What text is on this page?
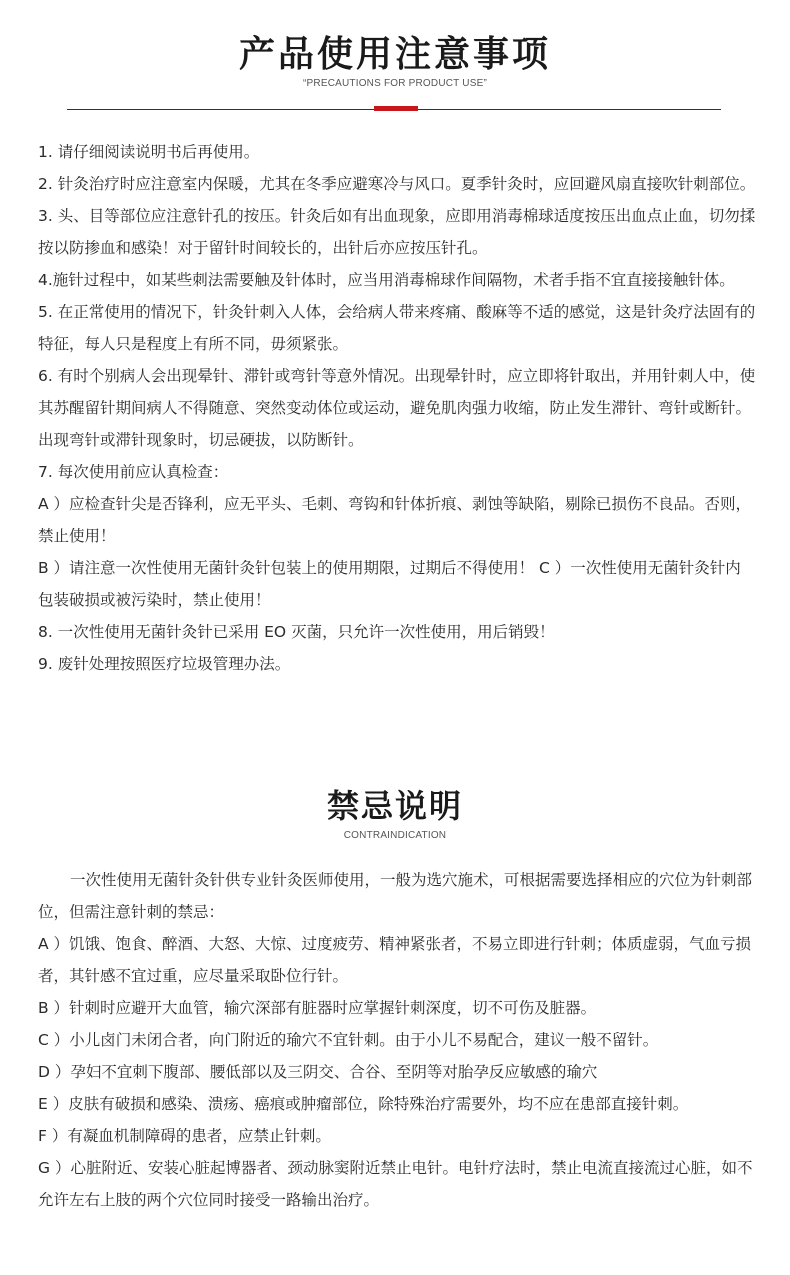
产品使用注意事项
“PRECAUTIONS FOR PRODUCT USE”
1. 请仔细阅读说明书后再使用。
2. 针灸治疗时应注意室内保暖，尤其在冬季应避寒冷与风口。夏季针灸时，应回避风扇直接吹针刺部位。
3. 头、目等部位应注意针孔的按压。针灸后如有出血现象，应即用消毒棉球适度按压出血点止血，切勿揉按以防掺血和感染！对于留针时间较长的，出针后亦应按压针孔。
4.施针过程中，如某些刺法需要触及针体时，应当用消毒棉球作间隔物，术者手指不宜直接接触针体。
5. 在正常使用的情况下，针灸针刺入人体，会给病人带来疼痛、酸麻等不适的感觉，这是针灸疗法固有的特征，每人只是程度上有所不同，毋须紧张。
6. 有时个别病人会出现晕针、滞针或弯针等意外情况。出现晕针时，应立即将针取出，并用针刺人中，使其苏醒留针期间病人不得随意、突然变动体位或运动，避免肌肉强力收缩，防止发生滞针、弯针或断针。出现弯针或滞针现象时，切忌硬拔，以防断针。
7. 每次使用前应认真检查：
A ）应检查针尖是否锋利，应无平头、毛刺、弯钩和针体折痕、剥蚀等缺陷，剔除已损伤不良品。否则，禁止使用！
B ）请注意一次性使用无菌针灸针包装上的使用期限，过期后不得使用！ C ）一次性使用无菌针灸针内包装破损或被污染时，禁止使用！
8. 一次性使用无菌针灸针已采用 EO 灭菌，只允许一次性使用，用后销毁！
9. 废针处理按照医疗垃圾管理办法。
禁忌说明
CONTRAINDICATION

一次性使用无菌针灸针供专业针灸医师使用，一般为选穴施术，可根据需要选择相应的穴位为针刺部位，但需注意针刺的禁忌：

A ）饥饿、饱食、醉酒、大怒、大惊、过度疲劳、精神紧张者，不易立即进行针刺；体质虚弱，气血亏损者，其针感不宜过重，应尽量采取卧位行针。
B ）针刺时应避开大血管，输穴深部有脏器时应掌握针刺深度，切不可伤及脏器。
C ）小儿卤门未闭合者，向门附近的瑜穴不宜针刺。由于小儿不易配合，建议一般不留针。
D ）孕妇不宜刺下腹部、腰低部以及三阴交、合谷、至阴等对胎孕反应敏感的瑜穴
E ）皮肤有破损和感染、溃疡、癌痕或肿瘤部位，除特殊治疗需要外，均不应在患部直接针刺。
F ）有凝血机制障碍的患者，应禁止针刺。
G ）心脏附近、安装心脏起博器者、颈动脉窦附近禁止电针。电针疗法时，禁止电流直接流过心脏，如不允许左右上肢的两个穴位同时接受一路输出治疗。
